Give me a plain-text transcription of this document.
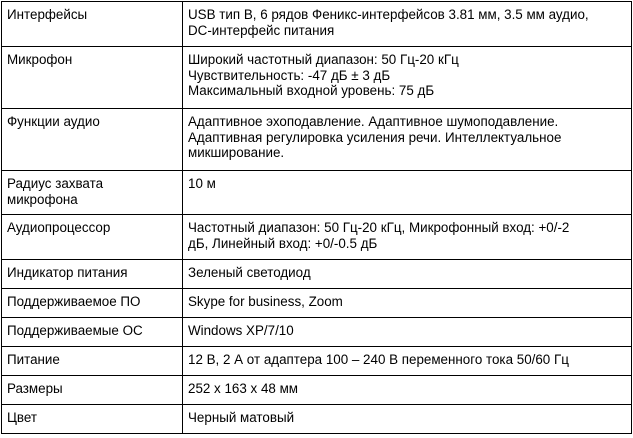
Интерфейсы	USB тип B, 6 рядов Феникс-интерфейсов 3.81 мм, 3.5 мм аудио,
DC-интерфейс питания

Микрофон	Широкий частотный диапазон: 50 Гц-20 кГц
Чувствительность: -47 дБ ± 3 дБ
Максимальный входной уровень: 75 дБ

Функции аудио	Адаптивное эхоподавление. Адаптивное шумоподавление.
Адаптивная регулировка усиления речи. Интеллектуальное
микширование.

Радиус захвата
микрофона	10 м

Аудиопроцессор	Частотный диапазон: 50 Гц-20 кГц, Микрофонный вход: +0/-2
дБ, Линейный вход: +0/-0.5 дБ

Индикатор питания	Зеленый светодиод

Поддерживаемое ПО	Skype for business, Zoom

Поддерживаемые ОС	Windows XP/7/10

Питание	12 В, 2 А от адаптера 100 – 240 В переменного тока 50/60 Гц

Размеры	252 х 163 х 48 мм

Цвет	Черный матовый
